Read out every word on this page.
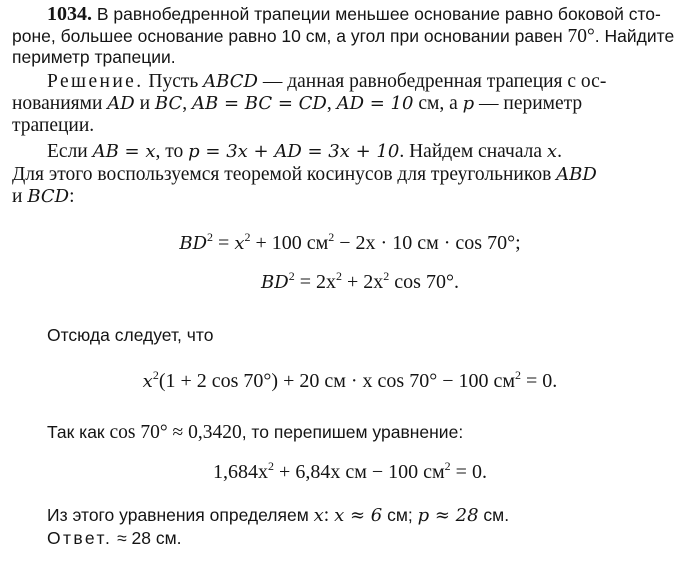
1034. В равнобедренной трапеции меньшее основание равно боковой сто-
роне, большее основание равно 10 см, а угол при основании равен 70°. Найдите
периметр трапеции.
Решение. Пусть ABCD — данная равнобедренная трапеция с ос-
нованиями AD и BC, AB = BC = CD, AD = 10 см, а p — периметр
трапеции.
Если AB = x, то p = 3x + AD = 3x + 10. Найдем сначала x.
Для этого воспользуемся теоремой косинусов для треугольников ABD
и BCD:
$BD^2 = x^2 + 100$ $см^2 - 2x \cdot 10$ см · cos 70°;
$BD^2 = 2x^2 + 2x^2$ cos 70°.
Отсюда следует, что
$x^2(1 + 2$ cos 70°) + 20 см · x cos 70° − 100 $см^2 = 0$.
Так как cos 70° ≈ 0,3420, то перепишем уравнение:
$1,684x^2 + 6,84x$ см − 100 $см^2 = 0$.
Из этого уравнения определяем x: x ≈ 6 см; p ≈ 28 см.
Ответ. ≈ 28 см.
